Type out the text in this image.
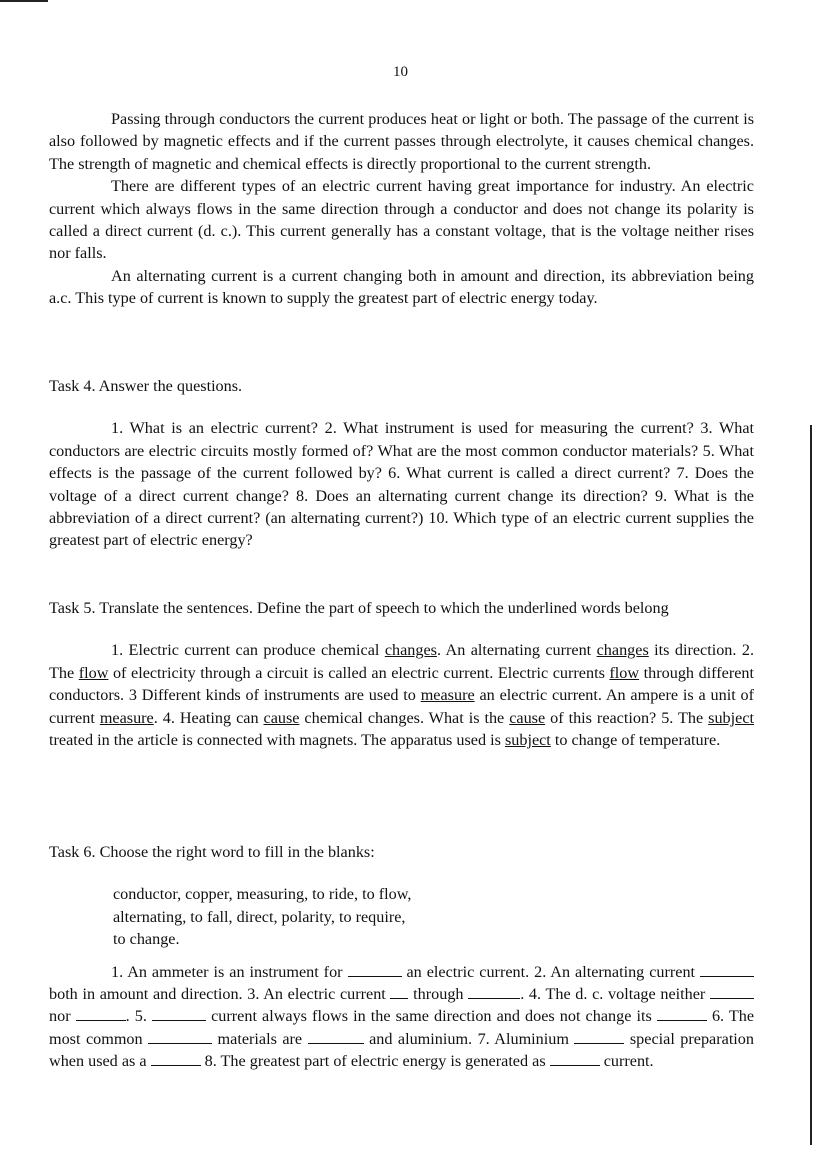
10

Passing through conductors the current produces heat or light or both. The passage of the current is also followed by magnetic effects and if the current passes through electrolyte, it causes chemical changes. The strength of magnetic and chemical effects is directly proportional to the current strength.

There are different types of an electric current having great importance for industry. An electric current which always flows in the same direction through a conductor and does not change its polarity is called a direct current (d. c.). This current generally has a constant voltage, that is the voltage neither rises nor falls.

An alternating current is a current changing both in amount and direction, its abbreviation being a.c. This type of current is known to supply the greatest part of electric energy today.

Task 4. Answer the questions.

1. What is an electric current? 2. What instrument is used for measuring the current? 3. What conductors are electric circuits mostly formed of? What are the most common conductor materials? 5. What effects is the passage of the current followed by? 6. What current is called a direct current? 7. Does the voltage of a direct current change? 8. Does an alternating current change its direction? 9. What is the abbreviation of a direct current? (an alternating current?) 10. Which type of an electric current supplies the greatest part of electric energy?

Task 5. Translate the sentences. Define the part of speech to which the underlined words belong

1. Electric current can produce chemical changes. An alternating current changes its direction. 2. The flow of electricity through a circuit is called an electric current. Electric currents flow through different conductors. 3 Different kinds of instruments are used to measure an electric current. An ampere is a unit of current measure. 4. Heating can cause chemical changes. What is the cause of this reaction? 5. The subject treated in the article is connected with magnets. The apparatus used is subject to change of temperature.

Task 6. Choose the right word to fill in the blanks:

conductor, copper, measuring, to ride, to flow,
alternating, to fall, direct, polarity, to require,
to change.

1. An ammeter is an instrument for	an electric current. 2. An alternating current  both in amount and direction. 3. An electric current  through	. 4. The d. c. voltage neither  nor	. 5.	current always flows in the same direction and does not change its	6. The most common	materials are	and aluminium. 7. Aluminium	special preparation when used as a	8. The greatest part of electric energy is generated as	current.
